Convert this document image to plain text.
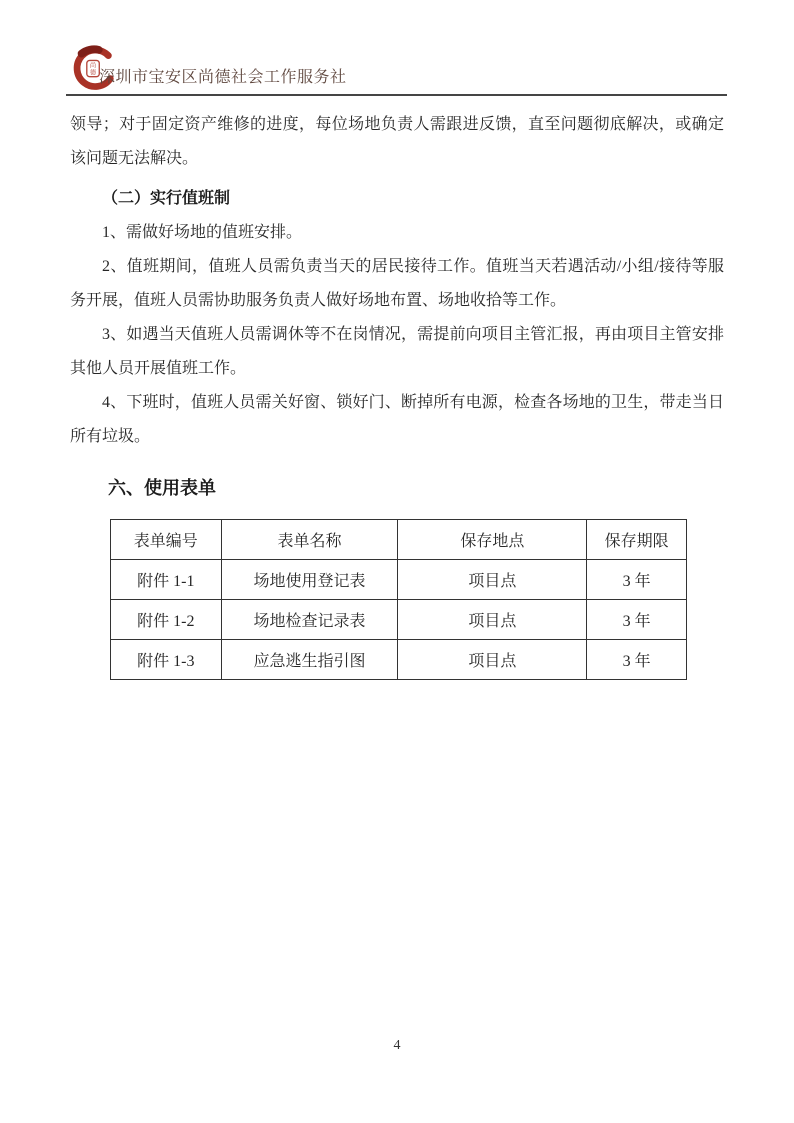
尚
德 深圳市宝安区尚德社会工作服务社

领导；对于固定资产维修的进度，每位场地负责人需跟进反馈，直至问题彻底解决，或确定该问题无法解决。

（二）实行值班制

1、需做好场地的值班安排。

2、值班期间，值班人员需负责当天的居民接待工作。值班当天若遇活动/小组/接待等服务开展，值班人员需协助服务负责人做好场地布置、场地收拾等工作。

3、如遇当天值班人员需调休等不在岗情况，需提前向项目主管汇报，再由项目主管安排其他人员开展值班工作。

4、下班时，值班人员需关好窗、锁好门、断掉所有电源，检查各场地的卫生，带走当日所有垃圾。

六、使用表单

表单编号	表单名称	保存地点	保存期限
附件 1-1	场地使用登记表	项目点	3 年
附件 1-2	场地检查记录表	项目点	3 年
附件 1-3	应急逃生指引图	项目点	3 年
4
